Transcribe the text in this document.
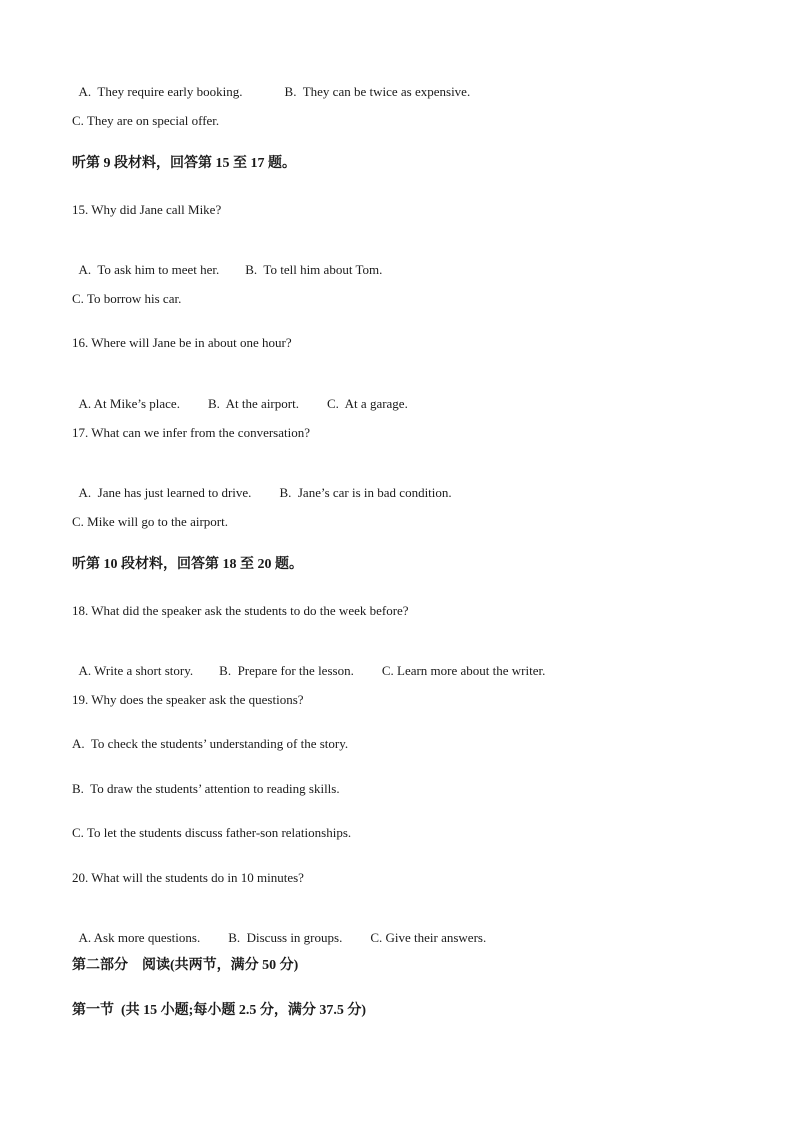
A.  They require early booking.	B.  They can be twice as expensive.

C. They are on special offer.
听第 9 段材料，回答第 15 至 17 题。
15. Why did Jane call Mike?

A.  To ask him to meet her. B.  To tell him about Tom.

C. To borrow his car.
16. Where will Jane be in about one hour?

A. At Mike’s place. B.  At the airport. C.  At a garage.

17. What can we infer from the conversation?

A.  Jane has just learned to drive. B.  Jane’s car is in bad condition.

C. Mike will go to the airport.
听第 10 段材料，回答第 18 至 20 题。
18. What did the speaker ask the students to do the week before?

A. Write a short story. B.  Prepare for the lesson. C. Learn more about the writer.

19. Why does the speaker ask the questions?
A.  To check the students’ understanding of the story.
B.  To draw the students’ attention to reading skills.
C. To let the students discuss father-son relationships.
20. What will the students do in 10 minutes?

A. Ask more questions. B.  Discuss in groups. C. Give their answers.

第二部分    阅读(共两节，满分 50 分)
第一节  (共 15 小题;每小题 2.5 分，满分 37.5 分)
